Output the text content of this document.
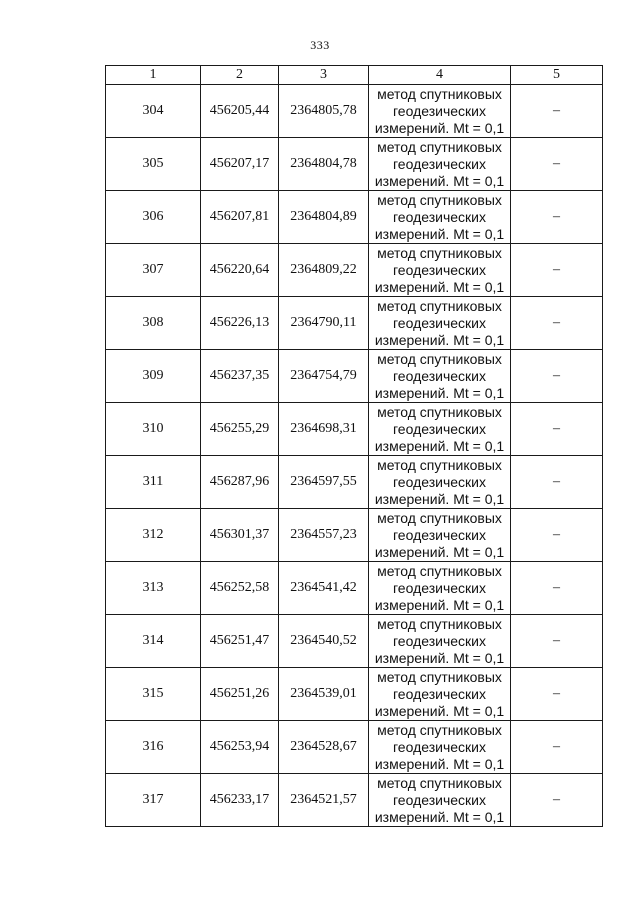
333
1	2	3	4	5
304	456205,44	2364805,78	метод спутниковых
геодезических
измерений. Mt = 0,1	–
305	456207,17	2364804,78	метод спутниковых
геодезических
измерений. Mt = 0,1	–
306	456207,81	2364804,89	метод спутниковых
геодезических
измерений. Mt = 0,1	–
307	456220,64	2364809,22	метод спутниковых
геодезических
измерений. Mt = 0,1	–
308	456226,13	2364790,11	метод спутниковых
геодезических
измерений. Mt = 0,1	–
309	456237,35	2364754,79	метод спутниковых
геодезических
измерений. Mt = 0,1	–
310	456255,29	2364698,31	метод спутниковых
геодезических
измерений. Mt = 0,1	–
311	456287,96	2364597,55	метод спутниковых
геодезических
измерений. Mt = 0,1	–
312	456301,37	2364557,23	метод спутниковых
геодезических
измерений. Mt = 0,1	–
313	456252,58	2364541,42	метод спутниковых
геодезических
измерений. Mt = 0,1	–
314	456251,47	2364540,52	метод спутниковых
геодезических
измерений. Mt = 0,1	–
315	456251,26	2364539,01	метод спутниковых
геодезических
измерений. Mt = 0,1	–
316	456253,94	2364528,67	метод спутниковых
геодезических
измерений. Mt = 0,1	–
317	456233,17	2364521,57	метод спутниковых
геодезических
измерений. Mt = 0,1	–
